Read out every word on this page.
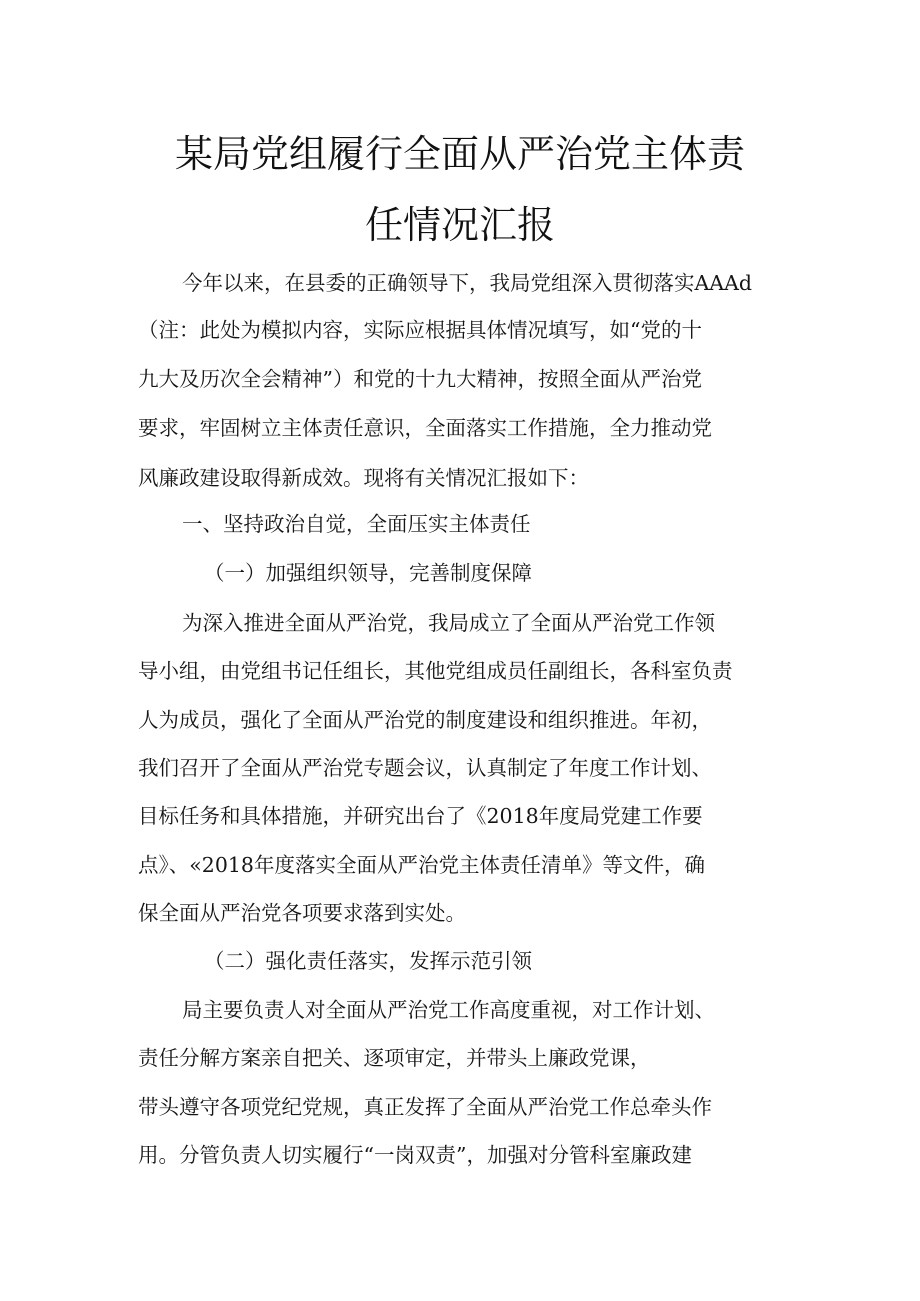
某局党组履行全面从严治党主体责
任情况汇报

今年以来，在县委的正确领导下，我局党组深入贯彻落实AAAd

（注：此处为模拟内容，实际应根据具体情况填写，如“党的十

九大及历次全会精神”）和党的十九大精神，按照全面从严治党

要求，牢固树立主体责任意识，全面落实工作措施，全力推动党

风廉政建设取得新成效。现将有关情况汇报如下：

一、坚持政治自觉，全面压实主体责任

（一）加强组织领导，完善制度保障

为深入推进全面从严治党，我局成立了全面从严治党工作领

导小组，由党组书记任组长，其他党组成员任副组长，各科室负责

人为成员，强化了全面从严治党的制度建设和组织推进。年初，

我们召开了全面从严治党专题会议，认真制定了年度工作计划、

目标任务和具体措施，并研究出台了《2018年度局党建工作要

点》、«2018年度落实全面从严治党主体责任清单》等文件，确

保全面从严治党各项要求落到实处。

（二）强化责任落实，发挥示范引领

局主要负责人对全面从严治党工作高度重视，对工作计划、

责任分解方案亲自把关、逐项审定，并带头上廉政党课，

带头遵守各项党纪党规，真正发挥了全面从严治党工作总牵头作

用。分管负责人切实履行“一岗双责”，加强对分管科室廉政建
